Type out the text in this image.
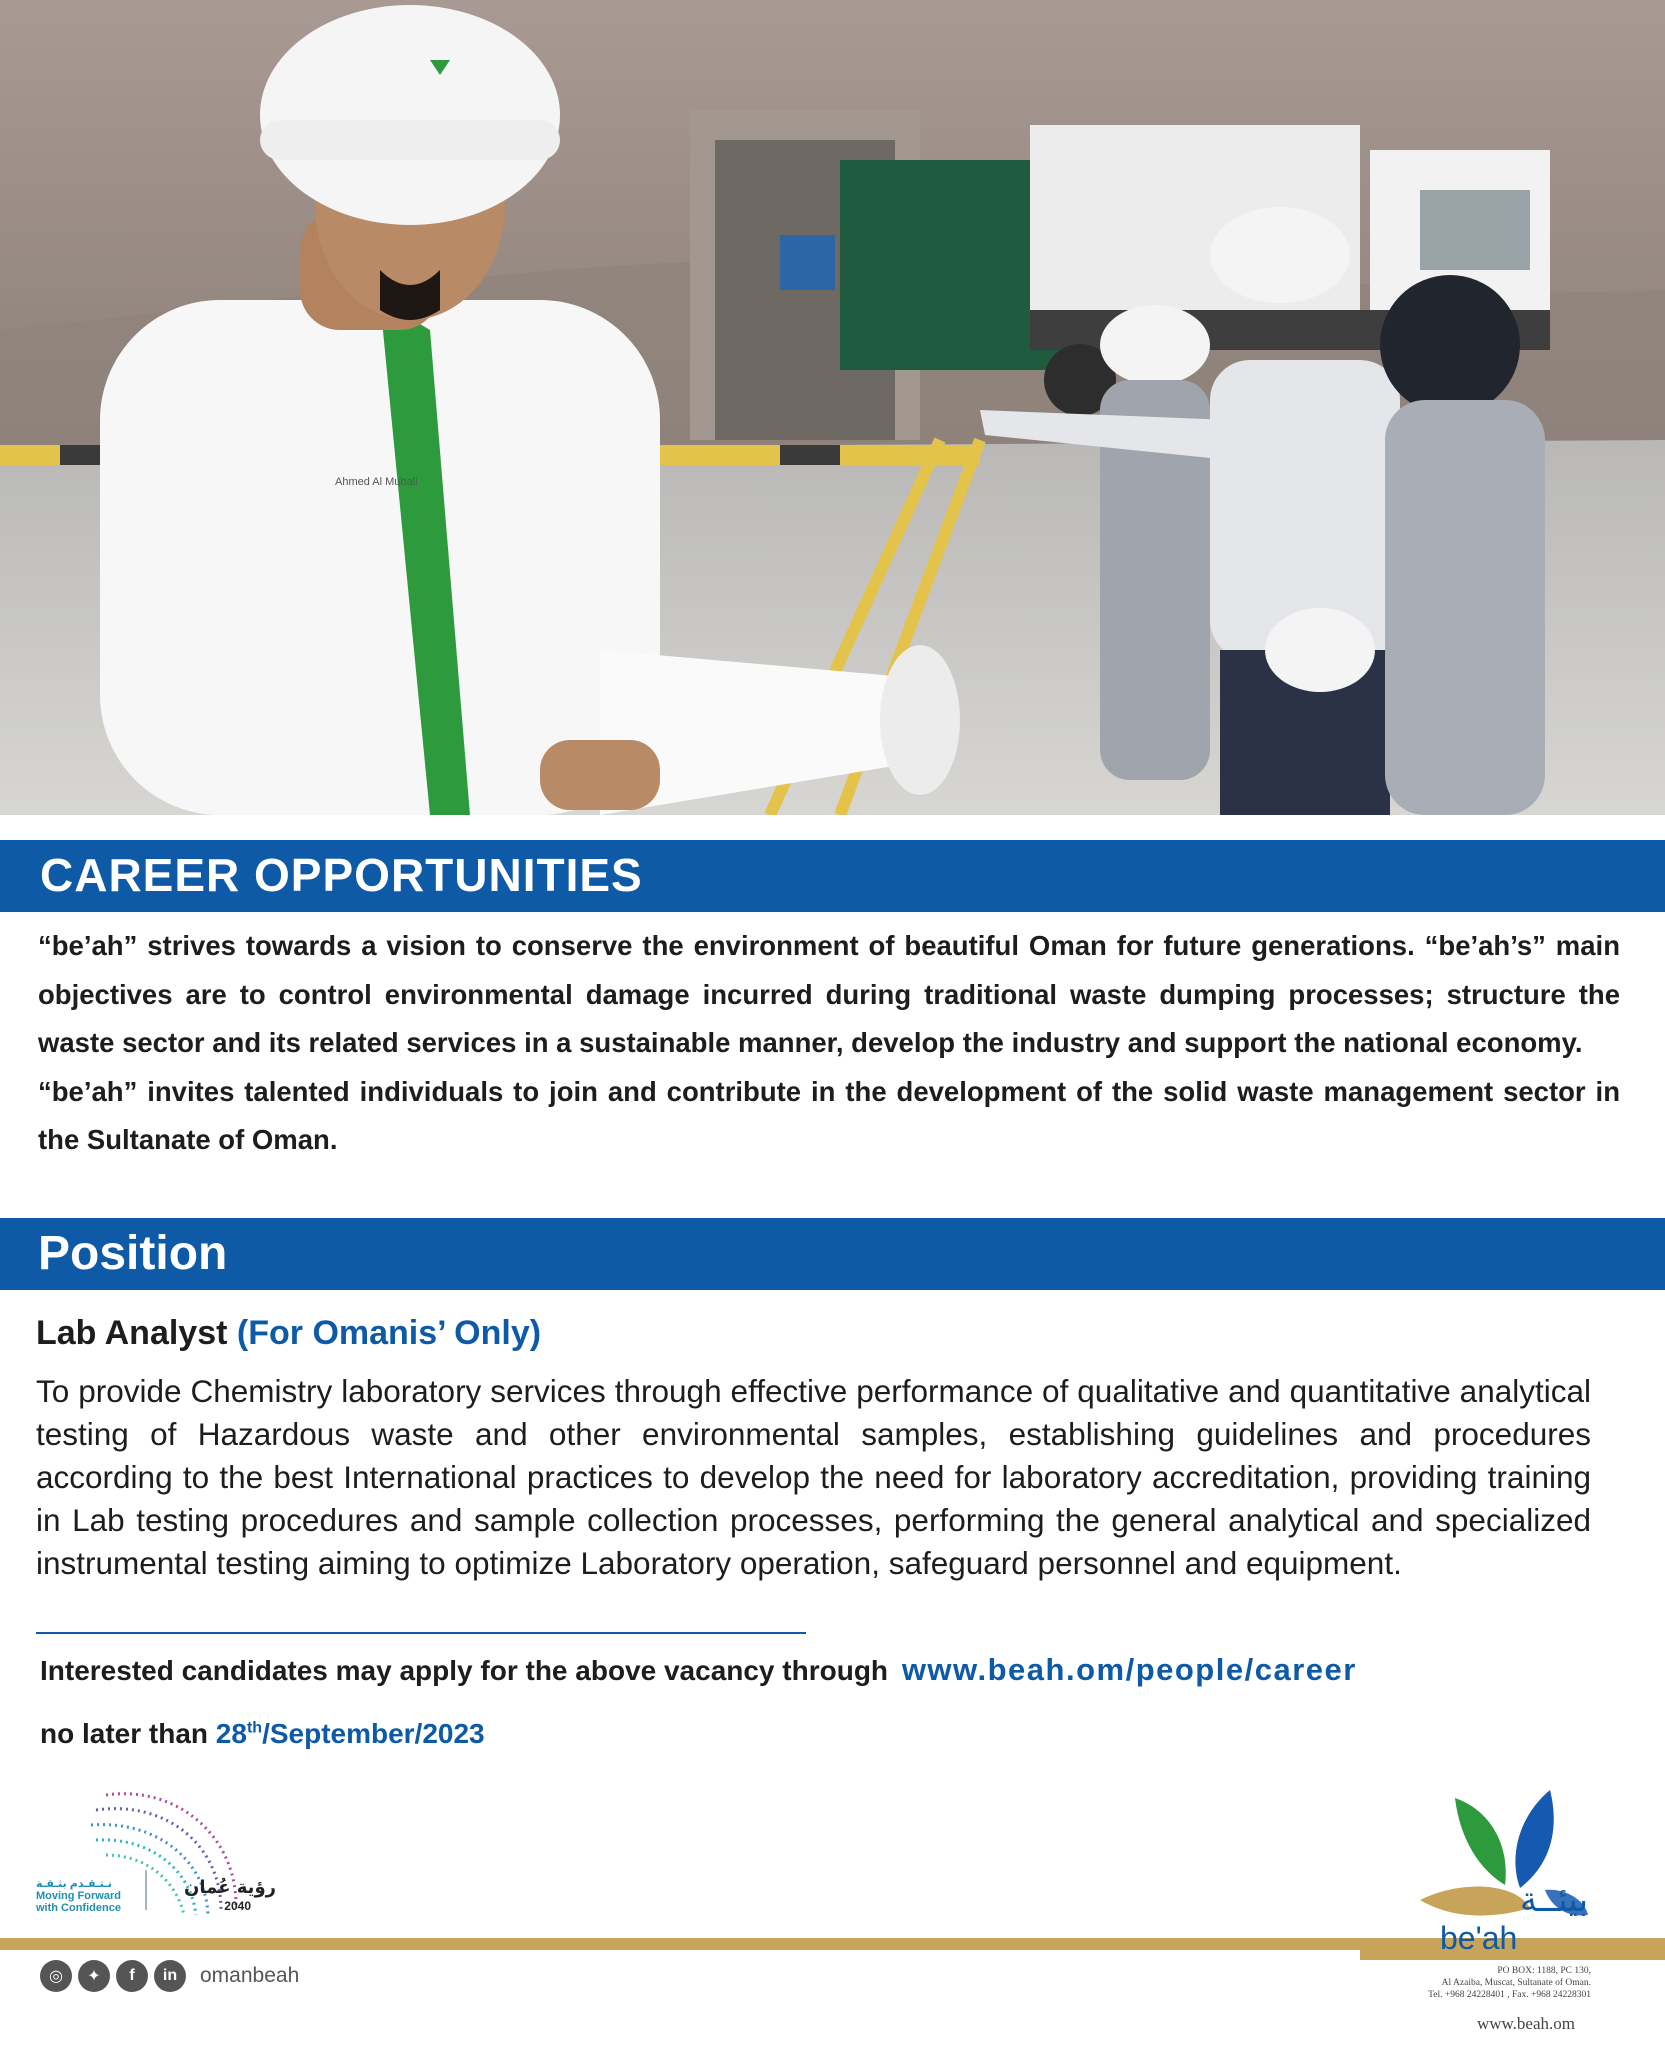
Ahmed Al Mubali
CAREER OPPORTUNITIES

“be’ah” strives towards a vision to conserve the environment of beautiful Oman for future generations. “be’ah’s” main objectives are to control environmental damage incurred during traditional waste dumping processes; structure the waste sector and its related services in a sustainable manner, develop the industry and support the national economy.

“be’ah” invites talented individuals to join and contribute in the development of the solid waste management sector in the Sultanate of Oman.

Position
Lab Analyst (For Omanis’ Only)
To provide Chemistry laboratory services through effective performance of qualitative and quantitative analytical testing of Hazardous waste and other environmental samples, establishing guidelines and procedures according to the best International practices to develop the need for laboratory accreditation, providing training in Lab testing procedures and sample collection processes, performing the general analytical and specialized instrumental testing aiming to optimize Laboratory operation, safeguard personnel and equipment.
Interested candidates may apply for the above vacancy through www.beah.om/people/career
no later than 28th/September/2023
رؤية عُمان
2040
نـتـقـدم بثـقـة
Moving Forward
with Confidence
◎	✦	f	in	omanbeah
بيئــة
be'ah
PO BOX: 1188, PC 130,
Al Azaiba, Muscat, Sultanate of Oman.
Tel. +968 24228401 , Fax. +968 24228301
www.beah.om
